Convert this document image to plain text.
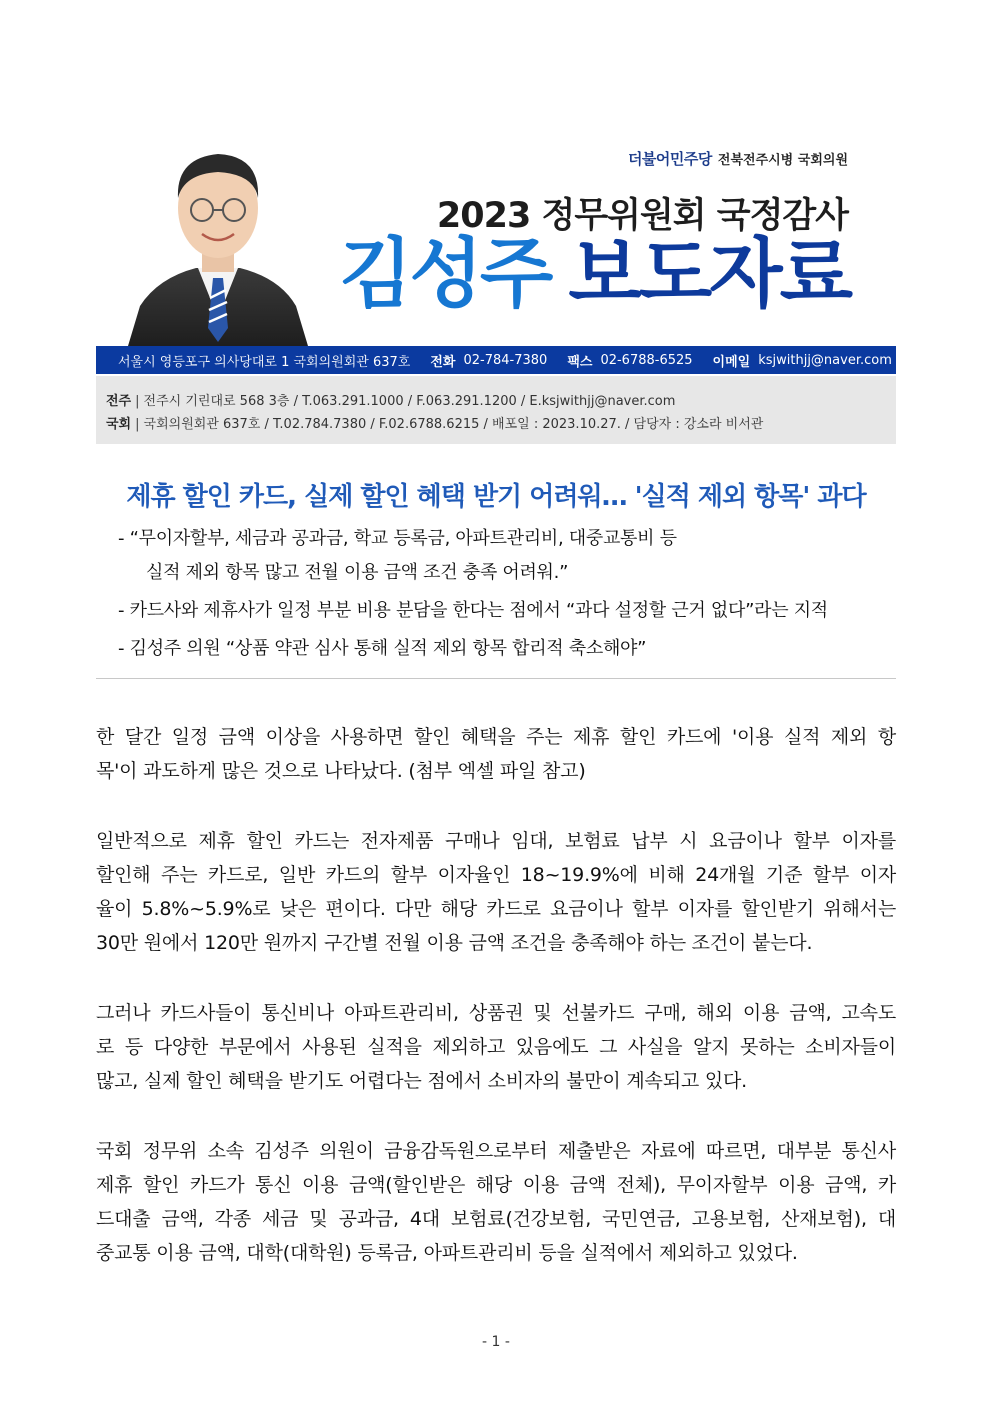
더불어민주당 전북전주시병 국회의원
2023 정무위원회 국정감사
김성주 보도자료
서울시 영등포구 의사당대로 1 국회의원회관 637호 전화 02-784-7380 팩스 02-6788-6525 이메일 ksjwithjj@naver.com
전주 | 전주시 기린대로 568 3층 / T.063.291.1000 / F.063.291.1200 / E.ksjwithjj@naver.com
국회 | 국회의원회관 637호 / T.02.784.7380 / F.02.6788.6215 / 배포일 : 2023.10.27. / 담당자 : 강소라 비서관
제휴 할인 카드, 실제 할인 혜택 받기 어려워… '실적 제외 항목' 과다
- “무이자할부, 세금과 공과금, 학교 등록금, 아파트관리비, 대중교통비 등
실적 제외 항목 많고 전월 이용 금액 조건 충족 어려워.”
- 카드사와 제휴사가 일정 부분 비용 분담을 한다는 점에서 “과다 설정할 근거 없다”라는 지적
- 김성주 의원 “상품 약관 심사 통해 실적 제외 항목 합리적 축소해야”
한 달간 일정 금액 이상을 사용하면 할인 혜택을 주는 제휴 할인 카드에 '이용 실적 제외 항
목'이 과도하게 많은 것으로 나타났다. (첨부 엑셀 파일 참고)
일반적으로 제휴 할인 카드는 전자제품 구매나 임대, 보험료 납부 시 요금이나 할부 이자를
할인해 주는 카드로, 일반 카드의 할부 이자율인 18~19.9%에 비해 24개월 기준 할부 이자
율이 5.8%~5.9%로 낮은 편이다. 다만 해당 카드로 요금이나 할부 이자를 할인받기 위해서는
30만 원에서 120만 원까지 구간별 전월 이용 금액 조건을 충족해야 하는 조건이 붙는다.
그러나 카드사들이 통신비나 아파트관리비, 상품권 및 선불카드 구매, 해외 이용 금액, 고속도
로 등 다양한 부문에서 사용된 실적을 제외하고 있음에도 그 사실을 알지 못하는 소비자들이
많고, 실제 할인 혜택을 받기도 어렵다는 점에서 소비자의 불만이 계속되고 있다.
국회 정무위 소속 김성주 의원이 금융감독원으로부터 제출받은 자료에 따르면, 대부분 통신사
제휴 할인 카드가 통신 이용 금액(할인받은 해당 이용 금액 전체), 무이자할부 이용 금액, 카
드대출 금액, 각종 세금 및 공과금, 4대 보험료(건강보험, 국민연금, 고용보험, 산재보험), 대
중교통 이용 금액, 대학(대학원) 등록금, 아파트관리비 등을 실적에서 제외하고 있었다.
- 1 -
